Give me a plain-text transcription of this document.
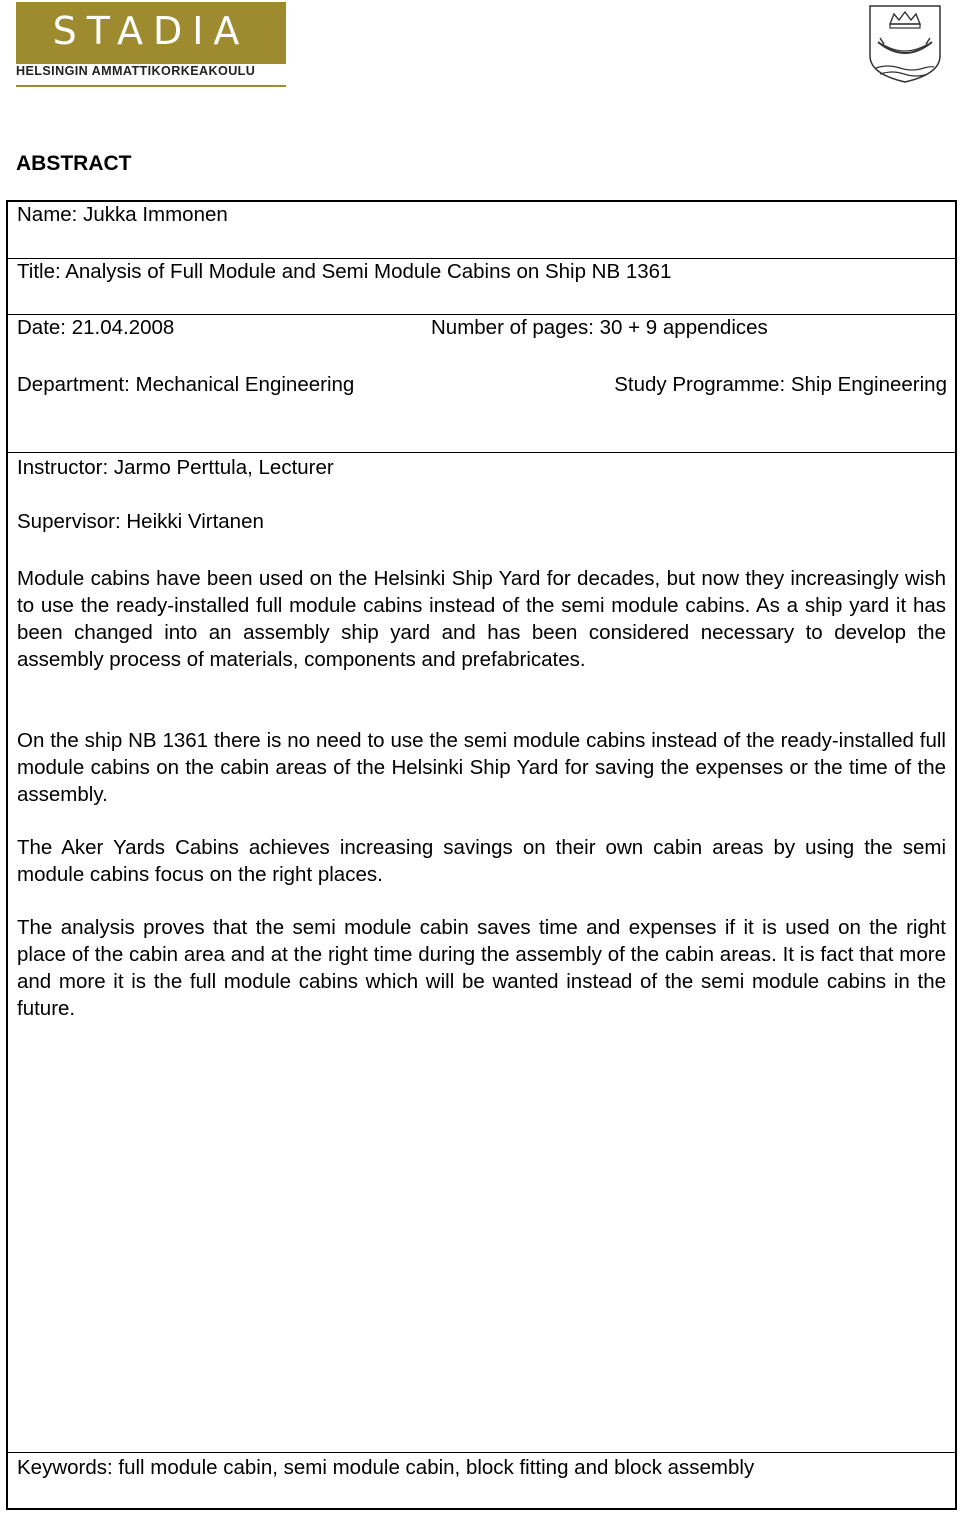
STADIA
HELSINGIN AMMATTIKORKEAKOULU
ABSTRACT
Name: Jukka Immonen
Title: Analysis of Full Module and Semi Module Cabins on Ship NB 1361
Date: 21.04.2008	Number of pages: 30 + 9 appendices
Department: Mechanical Engineering	Study Programme: Ship Engineering
Instructor: Jarmo Perttula, Lecturer
Supervisor: Heikki Virtanen

Module cabins have been used on the Helsinki Ship Yard for decades, but now they increasingly wish to use the ready-installed full module cabins instead of the semi module cabins. As a ship yard it has been changed into an assembly ship yard and has been considered necessary to develop the assembly process of materials, components and prefabricates.

On the ship NB 1361 there is no need to use the semi module cabins instead of the ready-installed full module cabins on the cabin areas of the Helsinki Ship Yard for saving the expenses or the time of the assembly.

The Aker Yards Cabins achieves increasing savings on their own cabin areas by using the semi module cabins focus on the right places.

The analysis proves that the semi module cabin saves time and expenses if it is used on the right place of the cabin area and at the right time during the assembly of the cabin areas. It is fact that more and more it is the full module cabins which will be wanted instead of the semi module cabins in the future.

Keywords: full module cabin, semi module cabin, block fitting and block assembly
